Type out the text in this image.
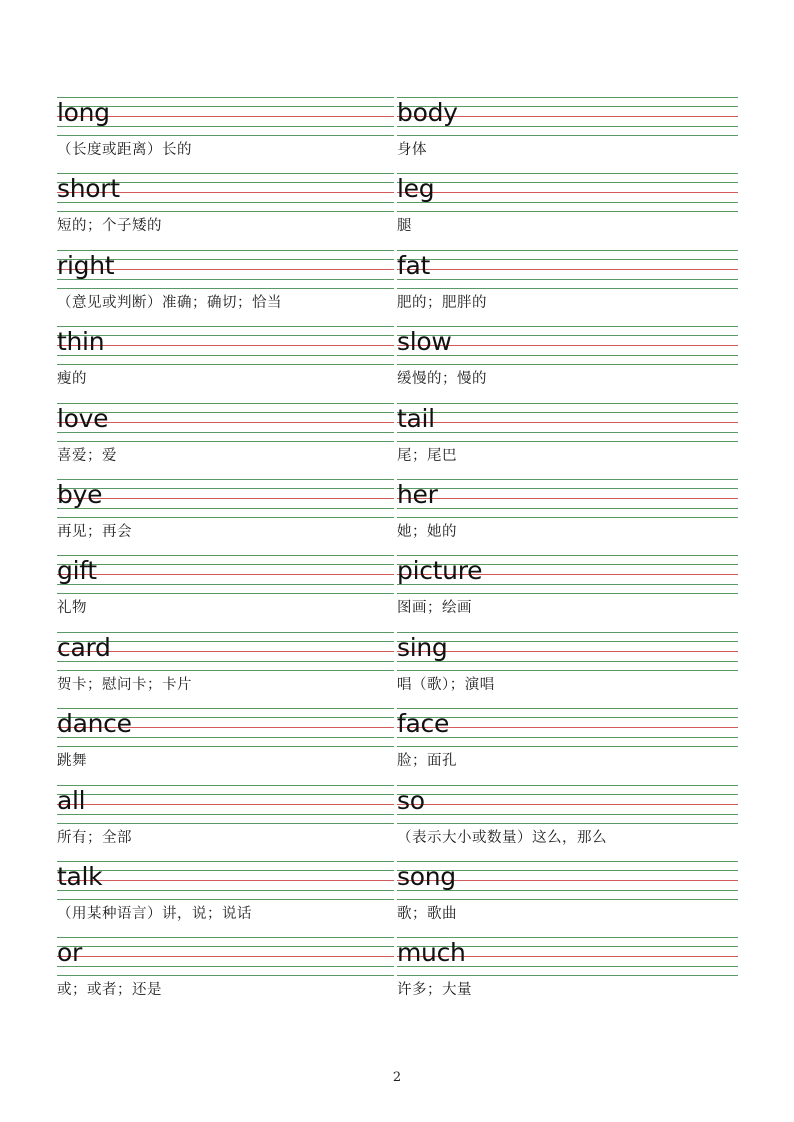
long
（长度或距离）长的
body
身体
short
短的；个子矮的
leg
腿
right
（意见或判断）准确；确切；恰当
fat
肥的；肥胖的
thin
瘦的
slow
缓慢的；慢的
love
喜爱；爱
tail
尾；尾巴
bye
再见；再会
her
她；她的
gift
礼物
picture
图画；绘画
card
贺卡；慰问卡；卡片
sing
唱（歌）；演唱
dance
跳舞
face
脸；面孔
all
所有；全部
so
（表示大小或数量）这么，那么
talk
（用某种语言）讲，说；说话
song
歌；歌曲
or
或；或者；还是
much
许多；大量
2
